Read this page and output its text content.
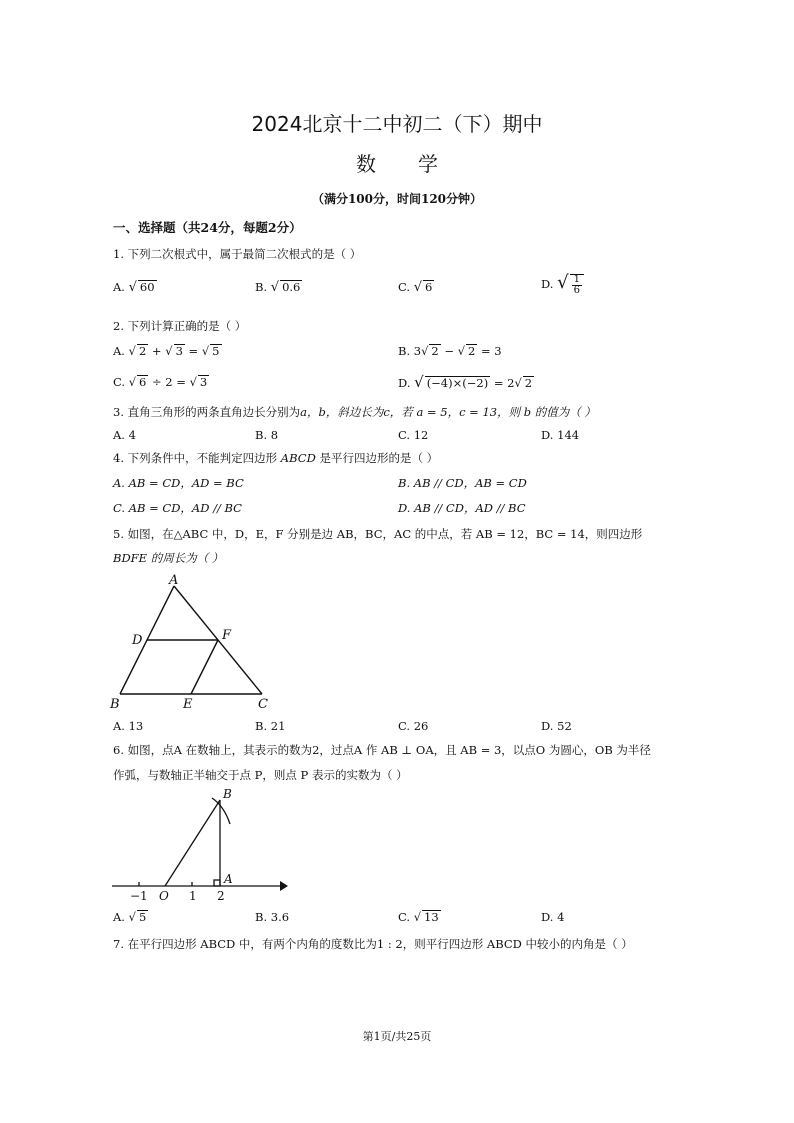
2024北京十二中初二（下）期中
数学
（满分100分，时间120分钟）
一、选择题（共24分，每题2分）
1. 下列二次根式中，属于最简二次根式的是（ ）
A. √ 60	B. √ 0.6	C. √ 6	D. √ $\frac{1}{6}$
2. 下列计算正确的是（ ）
A. √ 2 + √ 3 = √ 5	B. 3√ 2 − √ 2 = 3
C. √ 6 ÷ 2 = √ 3	D. √ (−4)×(−2) = 2√ 2
3. 直角三角形的两条直角边长分别为a，b，斜边长为c，若 a = 5，c = 13，则 b 的值为（ ）
A. 4	B. 8	C. 12	D. 144
4. 下列条件中，不能判定四边形 ABCD 是平行四边形的是（ ）
A. AB = CD，AD = BC	B. AB // CD，AB = CD
C. AB = CD，AD // BC	D. AB // CD，AD // BC
5. 如图，在△ABC 中，D，E，F 分别是边 AB，BC，AC 的中点，若 AB = 12，BC = 14，则四边形
BDFE 的周长为（ ）
A
D	F
B	E	C
A. 13	B. 21	C. 26	D. 52
6. 如图，点A 在数轴上，其表示的数为2，过点A 作 AB ⊥ OA，且 AB = 3，以点O 为圆心，OB 为半径
作弧，与数轴正半轴交于点 P，则点 P 表示的实数为（ ）
B
A
−1 O 1 2
A. √ 5	B. 3.6	C. √ 13	D. 4
7. 在平行四边形 ABCD 中，有两个内角的度数比为1 : 2，则平行四边形 ABCD 中较小的内角是（ ）
第1页/共25页
